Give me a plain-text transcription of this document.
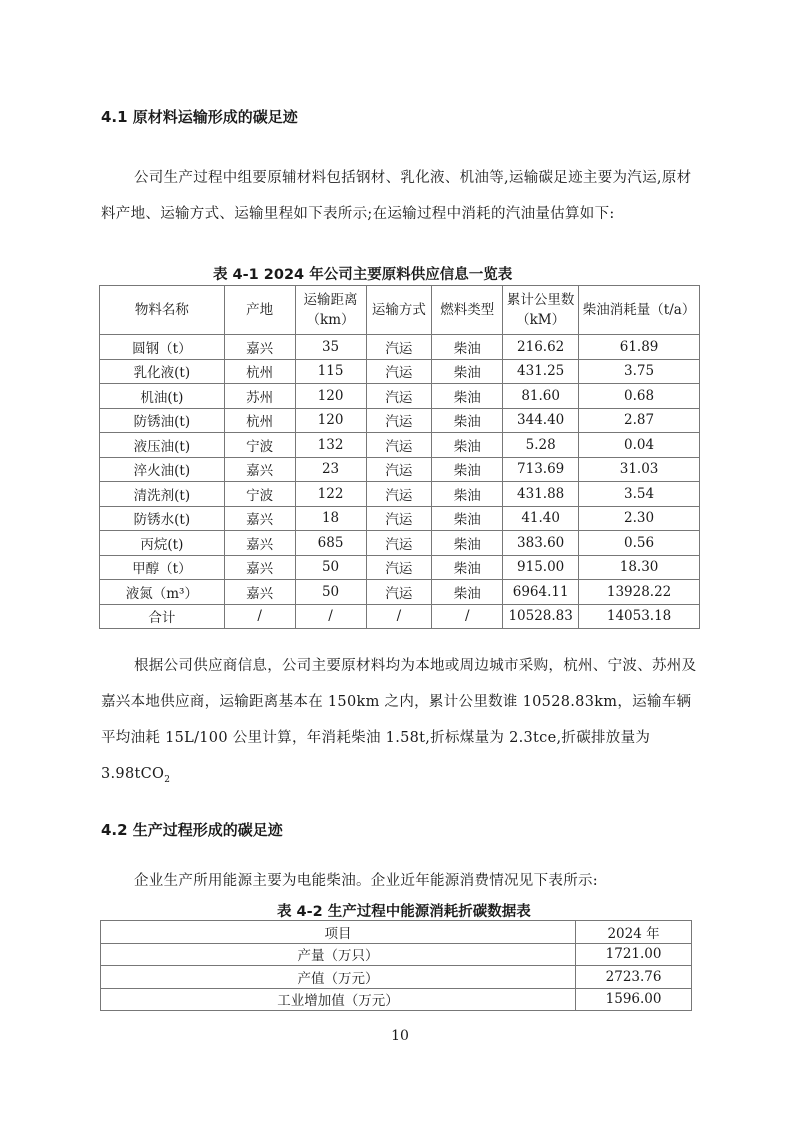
4.1 原材料运输形成的碳足迹
公司生产过程中组要原辅材料包括钢材、乳化液、机油等,运输碳足迹主要为汽运,原材料产地、运输方式、运输里程如下表所示;在运输过程中消耗的汽油量估算如下:
表 4-1 2024 年公司主要原料供应信息一览表
物料名称	产地	运输距离（km）	运输方式	燃料类型	累计公里数（kM）	柴油消耗量（t/a）
圆钢（t）	嘉兴	35	汽运	柴油	216.62	61.89
乳化液(t)	杭州	115	汽运	柴油	431.25	3.75
机油(t)	苏州	120	汽运	柴油	81.60	0.68
防锈油(t)	杭州	120	汽运	柴油	344.40	2.87
液压油(t)	宁波	132	汽运	柴油	5.28	0.04
淬火油(t)	嘉兴	23	汽运	柴油	713.69	31.03
清洗剂(t)	宁波	122	汽运	柴油	431.88	3.54
防锈水(t)	嘉兴	18	汽运	柴油	41.40	2.30
丙烷(t)	嘉兴	685	汽运	柴油	383.60	0.56
甲醇（t）	嘉兴	50	汽运	柴油	915.00	18.30
液氮（m³）	嘉兴	50	汽运	柴油	6964.11	13928.22
合计	/	/	/	/	10528.83	14053.18
根据公司供应商信息，公司主要原材料均为本地或周边城市采购，杭州、宁波、苏州及嘉兴本地供应商，运输距离基本在 150km 之内，累计公里数谁 10528.83km，运输车辆平均油耗 15L/100 公里计算，年消耗柴油 1.58t,折标煤量为 2.3tce,折碳排放量为 3.98tCO$_2$
4.2 生产过程形成的碳足迹
企业生产所用能源主要为电能柴油。企业近年能源消费情况见下表所示:
表 4-2 生产过程中能源消耗折碳数据表
项目	2024 年
产量（万只）	1721.00
产值（万元）	2723.76
工业增加值（万元）	1596.00
10
